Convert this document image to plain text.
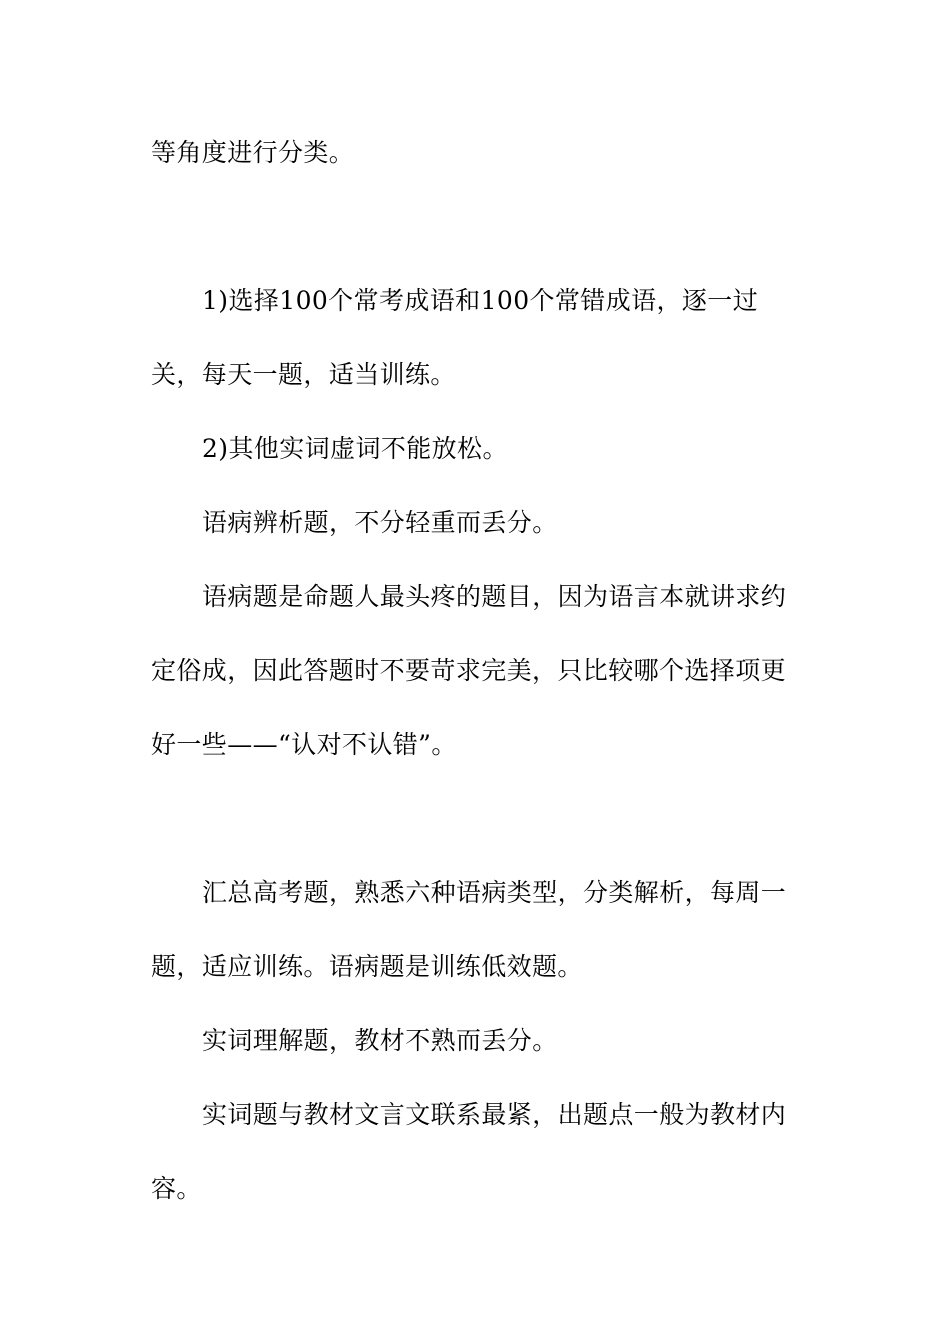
等角度进行分类。

1)选择100个常考成语和100个常错成语，逐一过关，每天一题，适当训练。

2)其他实词虚词不能放松。

语病辨析题，不分轻重而丢分。

语病题是命题人最头疼的题目，因为语言本就讲求约定俗成，因此答题时不要苛求完美，只比较哪个选择项更好一些——“认对不认错”。

汇总高考题，熟悉六种语病类型，分类解析，每周一题，适应训练。语病题是训练低效题。

实词理解题，教材不熟而丢分。

实词题与教材文言文联系最紧，出题点一般为教材内容。
